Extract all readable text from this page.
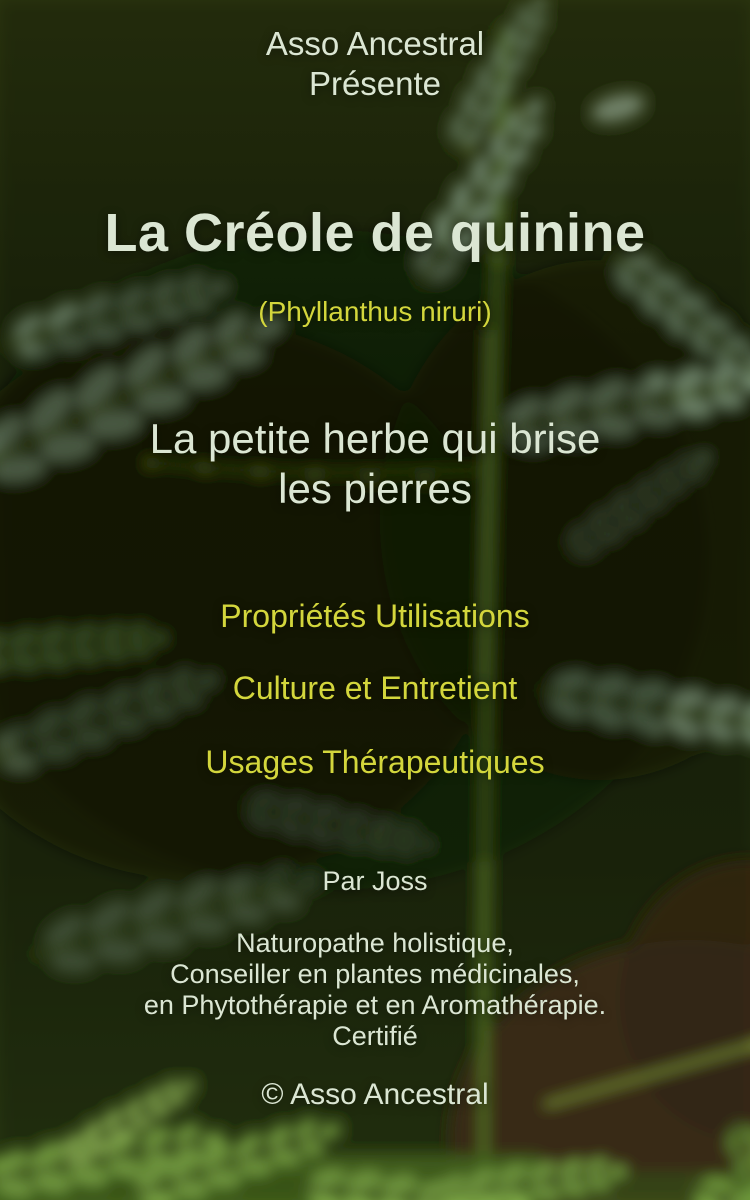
Asso Ancestral
Présente
La Créole de quinine
(Phyllanthus niruri)
La petite herbe qui brise
les pierres
Propriétés Utilisations
Culture et Entretient
Usages Thérapeutiques
Par Joss
Naturopathe holistique,
Conseiller en plantes médicinales,
en Phytothérapie et en Aromathérapie.
Certifié
© Asso Ancestral
